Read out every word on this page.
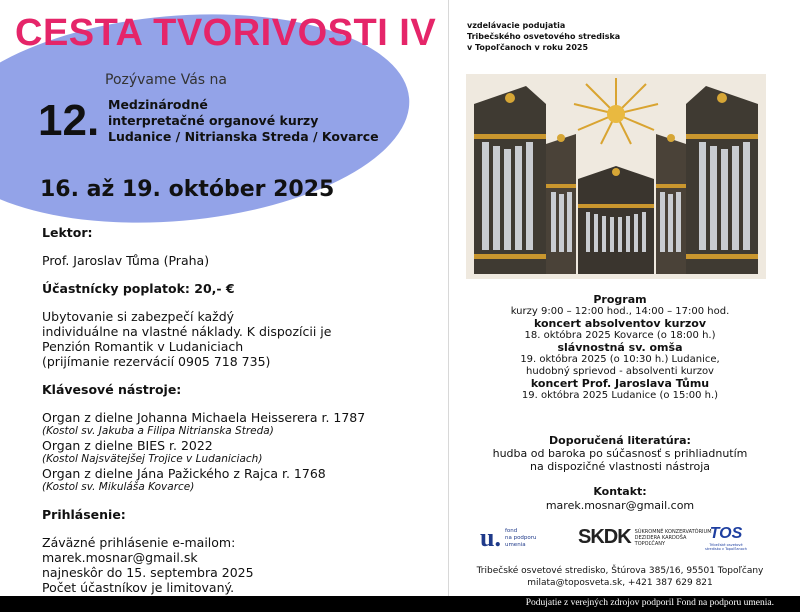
CESTA TVORIVOSTI IV
Pozývame Vás na
12. Medzinárodné
interpretačné organové kurzy
Ludanice / Nitrianska Streda / Kovarce
16. až 19. október 2025
Lektor:
Prof. Jaroslav Tůma (Praha)
Účastnícky poplatok: 20,- €
Ubytovanie si zabezpečí každý
individuálne na vlastné náklady. K dispozícii je
Penzión Romantik v Ludaniciach
(prijímanie rezervácií 0905 718 735)
Klávesové nástroje:
Organ z dielne Johanna Michaela Heisserera r. 1787
(Kostol sv. Jakuba a Filipa Nitrianska Streda)
Organ z dielne BIES r. 2022
(Kostol Najsvätejšej Trojice v Ludaniciach)
Organ z dielne Jána Pažického z Rajca r. 1768
(Kostol sv. Mikuláša Kovarce)
Prihlásenie:
Záväzné prihlásenie e-mailom:
marek.mosnar@gmail.sk
najneskôr do 15. septembra 2025
Počet účastníkov je limitovaný.
vzdelávacie podujatia
Tribečského osvetového strediska
v Topoľčanoch v roku 2025
Program
kurzy 9:00 – 12:00 hod., 14:00 – 17:00 hod.
koncert absolventov kurzov
18. októbra 2025 Kovarce (o 18:00 h.)
slávnostná sv. omša
19. októbra 2025 (o 10:30 h.) Ludanice,
hudobný sprievod - absolventi kurzov
koncert Prof. Jaroslava Tůmu
19. októbra 2025 Ludanice (o 15:00 h.)
Doporučená literatúra:
hudba od baroka po súčasnosť s prihliadnutím
na dispozičné vlastnosti nástroja
Kontakt:
marek.mosnar@gmail.com
u. fond
na podporu
umenia	SKDK SÚKROMNÉ KONZERVATÓRIUM
DEZIDERA KARDOŠA
TOPOĽČANY
TOS
Tribečské osvetové stredisko v Topoľčanoch
Tribečské osvetové stredisko, Štúrova 385/16, 95501 Topoľčany
milata@toposveta.sk, +421 387 629 821
Podujatie z verejných zdrojov podporil Fond na podporu umenia.
